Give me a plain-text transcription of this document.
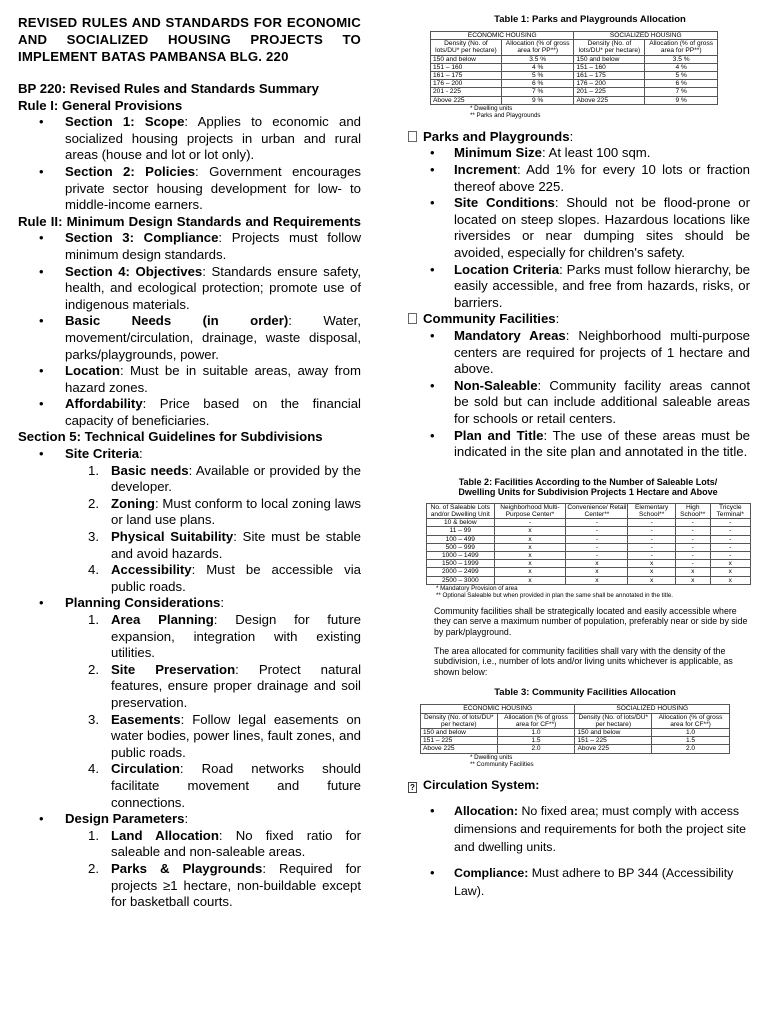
REVISED RULES AND STANDARDS FOR ECONOMIC AND SOCIALIZED HOUSING PROJECTS TO IMPLEMENT BATAS PAMBANSA BLG. 220
BP 220: Revised Rules and Standards Summary
Rule I: General Provisions
• Section 1: Scope: Applies to economic and socialized housing projects in urban and rural areas (house and lot or lot only).
• Section 2: Policies: Government encourages private sector housing development for low- to middle-income earners.
Rule II: Minimum Design Standards and Requirements
• Section 3: Compliance: Projects must follow minimum design standards.
• Section 4: Objectives: Standards ensure safety, health, and ecological protection; promote use of indigenous materials.
• Basic Needs (in order): Water, movement/circulation, drainage, waste disposal, parks/playgrounds, power.
• Location: Must be in suitable areas, away from hazard zones.
• Affordability: Price based on the financial capacity of beneficiaries.
Section 5: Technical Guidelines for Subdivisions
• Site Criteria:
1. Basic needs: Available or provided by the developer.
2. Zoning: Must conform to local zoning laws or land use plans.
3. Physical Suitability: Site must be stable and avoid hazards.
4. Accessibility: Must be accessible via public roads.
• Planning Considerations:
1. Area Planning: Design for future expansion, integration with existing utilities.
2. Site Preservation: Protect natural features, ensure proper drainage and soil preservation.
3. Easements: Follow legal easements on water bodies, power lines, fault zones, and public roads.
4. Circulation: Road networks should facilitate movement and future connections.
• Design Parameters:
1. Land Allocation: No fixed ratio for saleable and non-saleable areas.
2. Parks & Playgrounds: Required for projects ≥1 hectare, non-buildable except for basketball courts.
Table 1: Parks and Playgrounds Allocation
ECONOMIC HOUSING		SOCIALIZED HOUSING	
Density (No. of lots/DU* per hectare)	Allocation (% of gross area for PP**)	Density (No. of lots/DU* per hectare)	Allocation (% of gross area for PP**)
150 and below	3.5 %	150 and below	3.5 %
151 – 160	4 %	151 – 160	4 %
161 – 175	5 %	161 – 175	5 %
176 – 200	6 %	176 – 200	6 %
201 - 225	7 %	201 – 225	7 %
Above 225	9 %	Above 225	9 %
* Dwelling units
** Parks and Playgrounds
Parks and Playgrounds:
• Minimum Size: At least 100 sqm.
• Increment: Add 1% for every 10 lots or fraction thereof above 225.
• Site Conditions: Should not be flood-prone or located on steep slopes. Hazardous locations like riversides or near dumping sites should be avoided, especially for children's safety.
• Location Criteria: Parks must follow hierarchy, be easily accessible, and free from hazards, risks, or barriers.
Community Facilities:
• Mandatory Areas: Neighborhood multi-purpose centers are required for projects of 1 hectare and above.
• Non-Saleable: Community facility areas cannot be sold but can include additional saleable areas for schools or retail centers.
• Plan and Title: The use of these areas must be indicated in the site plan and annotated in the title.
Table 2: Facilities According to the Number of Saleable Lots/
Dwelling Units for Subdivision Projects 1 Hectare and Above
No. of Saleable Lots and/or Dwelling Unit	Neighborhood Multi-Purpose Center*	Convenience/ Retail Center**	Elementary School**	High School**	Tricycle Terminal*
10 & below	-	-	-	-	-
11 – 99	x	-	-	-	-
100 – 499	x	-	-	-	-
500 – 999	x	-	-	-	-
1000 – 1499	x	-	-	-	-
1500 – 1999	x	x	x	-	x
2000 – 2499	x	x	x	x	x
2500 – 3000	x	x	x	x	x
* Mandatory Provision of area
** Optional Saleable but when provided in plan the same shall be annotated in the title.
Community facilities shall be strategically located and easily accessible where they can serve a maximum number of population, preferably near or side by side by park/playground.
The area allocated for community facilities shall vary with the density of the subdivision, i.e., number of lots and/or living units whichever is applicable, as shown below:
Table 3: Community Facilities Allocation
ECONOMIC HOUSING		SOCIALIZED HOUSING	
Density (No. of lots/DU* per hectare)	Allocation (% of gross area for CF**)	Density (No. of lots/DU* per hectare)	Allocation (% of gross area for CF**)
150 and below	1.0	150 and below	1.0
151 – 225	1.5	151 – 225	1.5
Above 225	2.0	Above 225	2.0
* Dwelling units
** Community Facilities
? Circulation System:
• Allocation: No fixed area; must comply with access dimensions and requirements for both the project site and dwelling units.
• Compliance: Must adhere to BP 344 (Accessibility Law).
